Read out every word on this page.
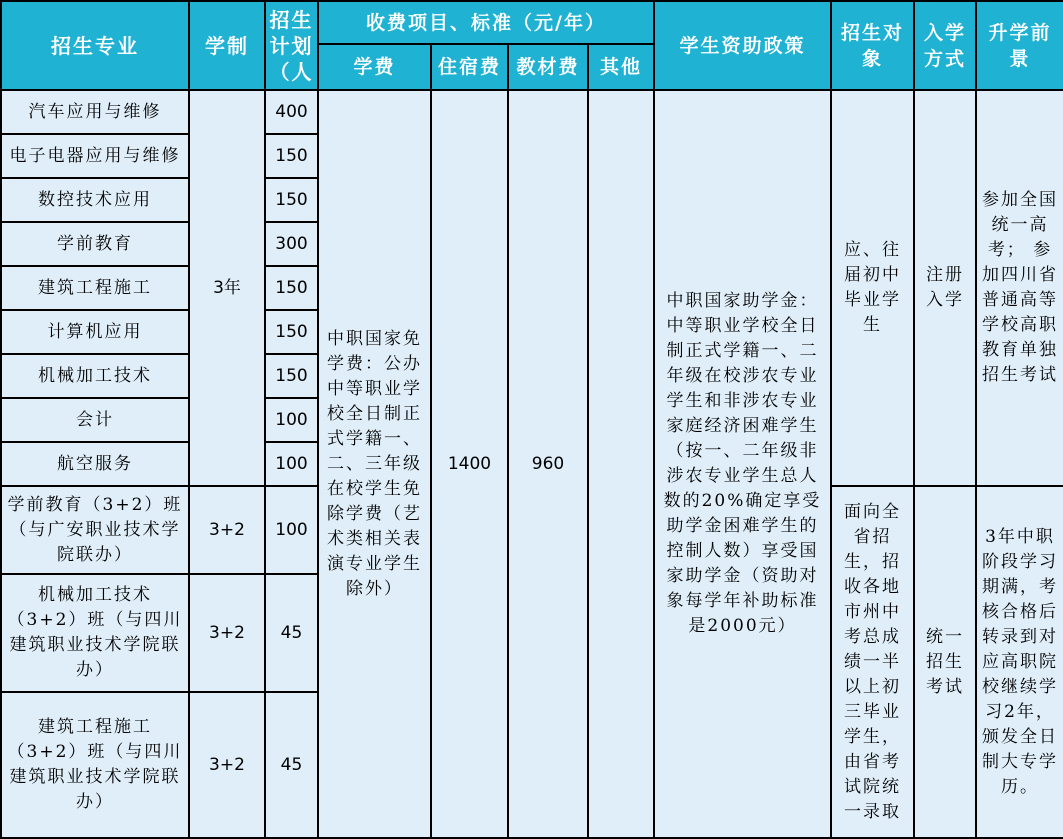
招生专业	学制	招生计划（人	收费项目、标准（元/年）				学生资助政策	招生对象	入学方式	升学前景
			学费	住宿费	教材费	其他				
汽车应用与维修	3年	400	中职国家免学费：公办中等职业学校全日制正式学籍一、二、三年级在校学生免除学费（艺术类相关表演专业学生除外）	1400	960		中职国家助学金：中等职业学校全日制正式学籍一、二年级在校涉农专业学生和非涉农专业家庭经济困难学生（按一、二年级非涉农专业学生总人数的20%确定享受助学金困难学生的控制人数）享受国家助学金（资助对象每学年补助标准是2000元）	应、往届初中毕业学生	注册入学	参加全国统一高考； 参加四川省普通高等学校高职教育单独招生考试
电子电器应用与维修		150								
数控技术应用		150								
学前教育		300								
建筑工程施工		150								
计算机应用		150								
机械加工技术		150								
会计		100								
航空服务		100								
学前教育（3+2）班（与广安职业技术学院联办）	3+2	100						面向全省招生，招收各地市州中考总成绩一半以上初三毕业学生，由省考试院统一录取	统一招生考试	3年中职阶段学习期满，考核合格后转录到对应高职院校继续学习2年，颁发全日制大专学历。
机械加工技术（3+2）班（与四川建筑职业技术学院联办）	3+2	45								
建筑工程施工（3+2）班（与四川建筑职业技术学院联办）	3+2	45								
